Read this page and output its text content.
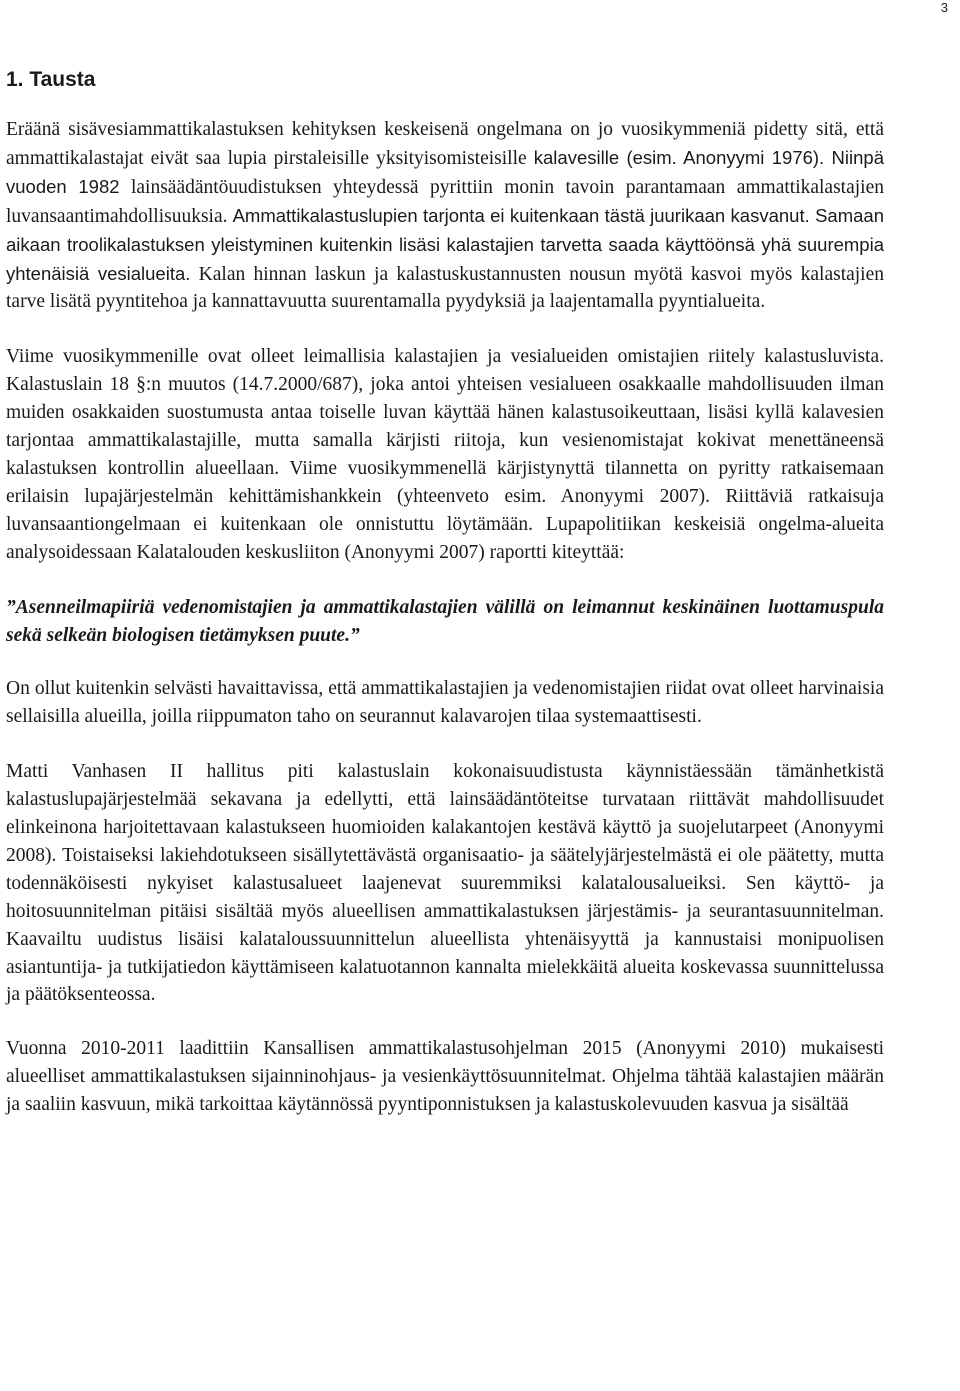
3
1. Tausta

Eräänä sisävesiammattikalastuksen kehityksen keskeisenä ongelmana on jo vuosikymmeniä pidetty sitä, että ammattikalastajat eivät saa lupia pirstaleisille yksityisomisteisille kalavesille (esim. Anonyymi 1976). Niinpä vuoden 1982 lainsäädäntöuudistuksen yhteydessä pyrittiin monin tavoin parantamaan ammattikalastajien luvansaantimahdollisuuksia. Ammattikalastuslupien tarjonta ei kuitenkaan tästä juurikaan kasvanut. Samaan aikaan troolikalastuksen yleistyminen kuitenkin lisäsi kalastajien tarvetta saada käyttöönsä yhä suurempia yhtenäisiä vesialueita. Kalan hinnan laskun ja kalastuskustannusten nousun myötä kasvoi myös kalastajien tarve lisätä pyyntitehoa ja kannattavuutta suurentamalla pyydyksiä ja laajentamalla pyyntialueita.

Viime vuosikymmenille ovat olleet leimallisia kalastajien ja vesialueiden omistajien riitely kalastusluvista. Kalastuslain 18 §:n muutos (14.7.2000/687), joka antoi yhteisen vesialueen osakkaalle mahdollisuuden ilman muiden osakkaiden suostumusta antaa toiselle luvan käyttää hänen kalastusoikeuttaan, lisäsi kyllä kalavesien tarjontaa ammattikalastajille, mutta samalla kärjisti riitoja, kun vesienomistajat kokivat menettäneensä kalastuksen kontrollin alueellaan. Viime vuosikymmenellä kärjistynyttä tilannetta on pyritty ratkaisemaan erilaisin lupajärjestelmän kehittämishankkein (yhteenveto esim. Anonyymi 2007). Riittäviä ratkaisuja luvansaantiongelmaan ei kuitenkaan ole onnistuttu löytämään. Lupapolitiikan keskeisiä ongelma-alueita analysoidessaan Kalatalouden keskusliiton (Anonyymi 2007) raportti kiteyttää:

”Asenneilmapiiriä vedenomistajien ja ammattikalastajien välillä on leimannut keskinäinen luottamuspula sekä selkeän biologisen tietämyksen puute.”

On ollut kuitenkin selvästi havaittavissa, että ammattikalastajien ja vedenomistajien riidat ovat olleet harvinaisia sellaisilla alueilla, joilla riippumaton taho on seurannut kalavarojen tilaa systemaattisesti.

Matti Vanhasen II hallitus piti kalastuslain kokonaisuudistusta käynnistäessään tämänhetkistä kalastuslupajärjestelmää sekavana ja edellytti, että lainsäädäntöteitse turvataan riittävät mahdollisuudet elinkeinona harjoitettavaan kalastukseen huomioiden kalakantojen kestävä käyttö ja suojelutarpeet (Anonyymi 2008). Toistaiseksi lakiehdotukseen sisällytettävästä organisaatio- ja säätelyjärjestelmästä ei ole päätetty, mutta todennäköisesti nykyiset kalastusalueet laajenevat suuremmiksi kalatalousalueiksi. Sen käyttö- ja hoitosuunnitelman pitäisi sisältää myös alueellisen ammattikalastuksen järjestämis- ja seurantasuunnitelman. Kaavailtu uudistus lisäisi kalataloussuunnittelun alueellista yhtenäisyyttä ja kannustaisi monipuolisen asiantuntija- ja tutkijatiedon käyttämiseen kalatuotannon kannalta mielekkäitä alueita koskevassa suunnittelussa ja päätöksenteossa.

Vuonna 2010-2011 laadittiin Kansallisen ammattikalastusohjelman 2015 (Anonyymi 2010) mukaisesti alueelliset ammattikalastuksen sijainninohjaus- ja vesienkäyttösuunnitelmat. Ohjelma tähtää kalastajien määrän ja saaliin kasvuun, mikä tarkoittaa käytännössä pyyntiponnistuksen ja kalastuskolevuuden kasvua ja sisältää
